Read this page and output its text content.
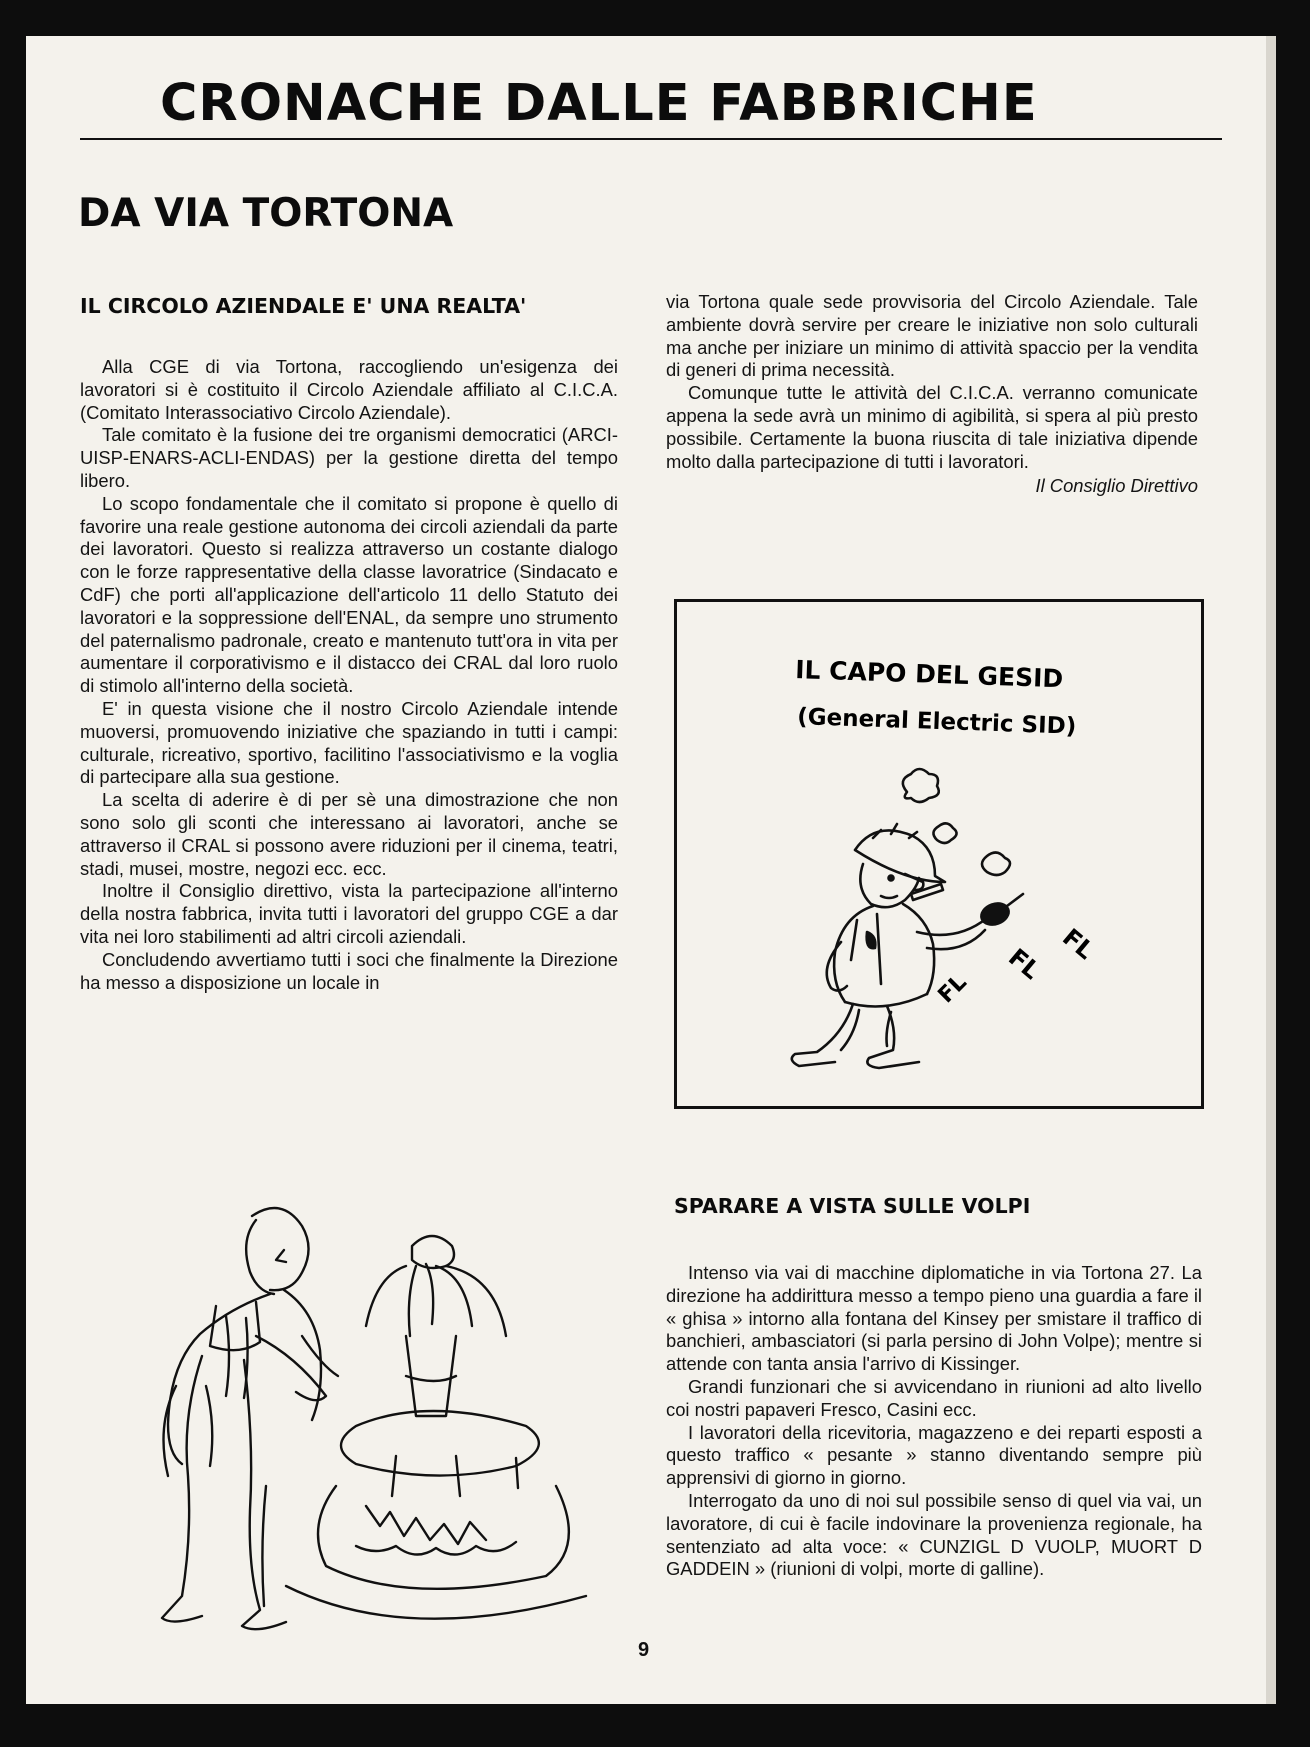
CRONACHE DALLE FABBRICHE
DA VIA TORTONA
IL CIRCOLO AZIENDALE E' UNA REALTA'

Alla CGE di via Tortona, raccogliendo un'esigenza dei lavoratori si è costituito il Circolo Aziendale affiliato al C.I.C.A. (Comitato Interassociativo Circolo Aziendale).

Tale comitato è la fusione dei tre organismi democratici (ARCI-UISP-ENARS-ACLI-ENDAS) per la gestione diretta del tempo libero.

Lo scopo fondamentale che il comitato si propone è quello di favorire una reale gestione autonoma dei circoli aziendali da parte dei lavoratori. Questo si realizza attraverso un costante dialogo con le forze rappresentative della classe lavoratrice (Sindacato e CdF) che porti all'applicazione dell'articolo 11 dello Statuto dei lavoratori e la soppressione dell'ENAL, da sempre uno strumento del paternalismo padronale, creato e mantenuto tutt'ora in vita per aumentare il corporativismo e il distacco dei CRAL dal loro ruolo di stimolo all'interno della società.

E' in questa visione che il nostro Circolo Aziendale intende muoversi, promuovendo iniziative che spaziando in tutti i campi: culturale, ricreativo, sportivo, facilitino l'associativismo e la voglia di partecipare alla sua gestione.

La scelta di aderire è di per sè una dimostrazione che non sono solo gli sconti che interessano ai lavoratori, anche se attraverso il CRAL si possono avere riduzioni per il cinema, teatri, stadi, musei, mostre, negozi ecc. ecc.

Inoltre il Consiglio direttivo, vista la partecipazione all'interno della nostra fabbrica, invita tutti i lavoratori del gruppo CGE a dar vita nei loro stabilimenti ad altri circoli aziendali.

Concludendo avvertiamo tutti i soci che finalmente la Direzione ha messo a disposizione un locale in

via Tortona quale sede provvisoria del Circolo Aziendale. Tale ambiente dovrà servire per creare le iniziative non solo culturali ma anche per iniziare un minimo di attività spaccio per la vendita di generi di prima necessità.

Comunque tutte le attività del C.I.C.A. verranno comunicate appena la sede avrà un minimo di agibilità, si spera al più presto possibile. Certamente la buona riuscita di tale iniziativa dipende molto dalla partecipazione di tutti i lavoratori.

Il Consiglio Direttivo

IL CAPO DEL GESID
(General Electric SID)
FL FL
FL
SPARARE A VISTA SULLE VOLPI

Intenso via vai di macchine diplomatiche in via Tortona 27. La direzione ha addirittura messo a tempo pieno una guardia a fare il « ghisa » intorno alla fontana del Kinsey per smistare il traffico di banchieri, ambasciatori (si parla persino di John Volpe); mentre si attende con tanta ansia l'arrivo di Kissinger.

Grandi funzionari che si avvicendano in riunioni ad alto livello coi nostri papaveri Fresco, Casini ecc.

I lavoratori della ricevitoria, magazzeno e dei reparti esposti a questo traffico « pesante » stanno diventando sempre più apprensivi di giorno in giorno.

Interrogato da uno di noi sul possibile senso di quel via vai, un lavoratore, di cui è facile indovinare la provenienza regionale, ha sentenziato ad alta voce: « CUNZIGL D VUOLP, MUORT D GADDEIN » (riunioni di volpi, morte di galline).

9
